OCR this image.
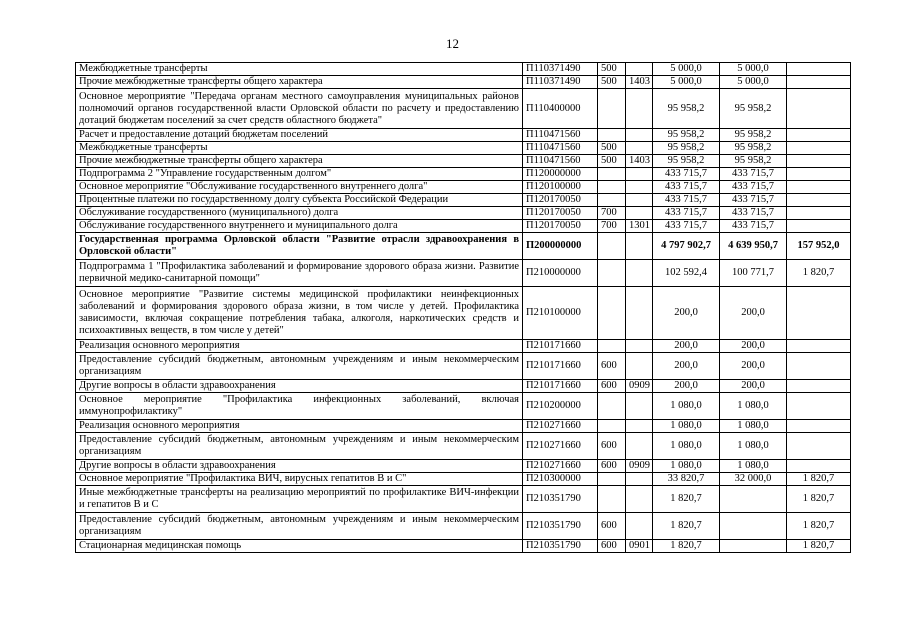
12
Межбюджетные трансферты	П110371490	500		5 000,0	5 000,0	
Прочие межбюджетные трансферты общего характера	П110371490	500	1403	5 000,0	5 000,0	
Основное мероприятие "Передача органам местного самоуправления муниципальных районов полномочий органов государственной власти Орловской области по расчету и предоставлению дотаций бюджетам поселений за счет средств областного бюджета"	П110400000			95 958,2	95 958,2	
Расчет и предоставление дотаций бюджетам поселений	П110471560			95 958,2	95 958,2	
Межбюджетные трансферты	П110471560	500		95 958,2	95 958,2	
Прочие межбюджетные трансферты общего характера	П110471560	500	1403	95 958,2	95 958,2	
Подпрограмма 2 "Управление государственным долгом"	П120000000			433 715,7	433 715,7	
Основное мероприятие "Обслуживание государственного внутреннего долга"	П120100000			433 715,7	433 715,7	
Процентные платежи по государственному долгу субъекта Российской Федерации	П120170050			433 715,7	433 715,7	
Обслуживание государственного (муниципального) долга	П120170050	700		433 715,7	433 715,7	
Обслуживание государственного внутреннего и муниципального долга	П120170050	700	1301	433 715,7	433 715,7	
Государственная программа Орловской области "Развитие отрасли здравоохранения в Орловской области"	П200000000			4 797 902,7	4 639 950,7	157 952,0
Подпрограмма 1 "Профилактика заболеваний и формирование здорового образа жизни. Развитие первичной медико-санитарной помощи"	П210000000			102 592,4	100 771,7	1 820,7
Основное мероприятие "Развитие системы медицинской профилактики неинфекционных заболеваний и формирования здорового образа жизни, в том числе у детей. Профилактика зависимости, включая сокращение потребления табака, алкоголя, наркотических средств и психоактивных веществ, в том числе у детей"	П210100000			200,0	200,0	
Реализация основного мероприятия	П210171660			200,0	200,0	
Предоставление субсидий бюджетным, автономным учреждениям и иным некоммерческим организациям	П210171660	600		200,0	200,0	
Другие вопросы в области здравоохранения	П210171660	600	0909	200,0	200,0	
Основное мероприятие "Профилактика инфекционных заболеваний, включая иммунопрофилактику"	П210200000			1 080,0	1 080,0	
Реализация основного мероприятия	П210271660			1 080,0	1 080,0	
Предоставление субсидий бюджетным, автономным учреждениям и иным некоммерческим организациям	П210271660	600		1 080,0	1 080,0	
Другие вопросы в области здравоохранения	П210271660	600	0909	1 080,0	1 080,0	
Основное мероприятие "Профилактика ВИЧ, вирусных гепатитов В и С"	П210300000			33 820,7	32 000,0	1 820,7
Иные межбюджетные трансферты на реализацию мероприятий по профилактике ВИЧ-инфекции и гепатитов В и С	П210351790			1 820,7		1 820,7
Предоставление субсидий бюджетным, автономным учреждениям и иным некоммерческим организациям	П210351790	600		1 820,7		1 820,7
Стационарная медицинская помощь	П210351790	600	0901	1 820,7		1 820,7
